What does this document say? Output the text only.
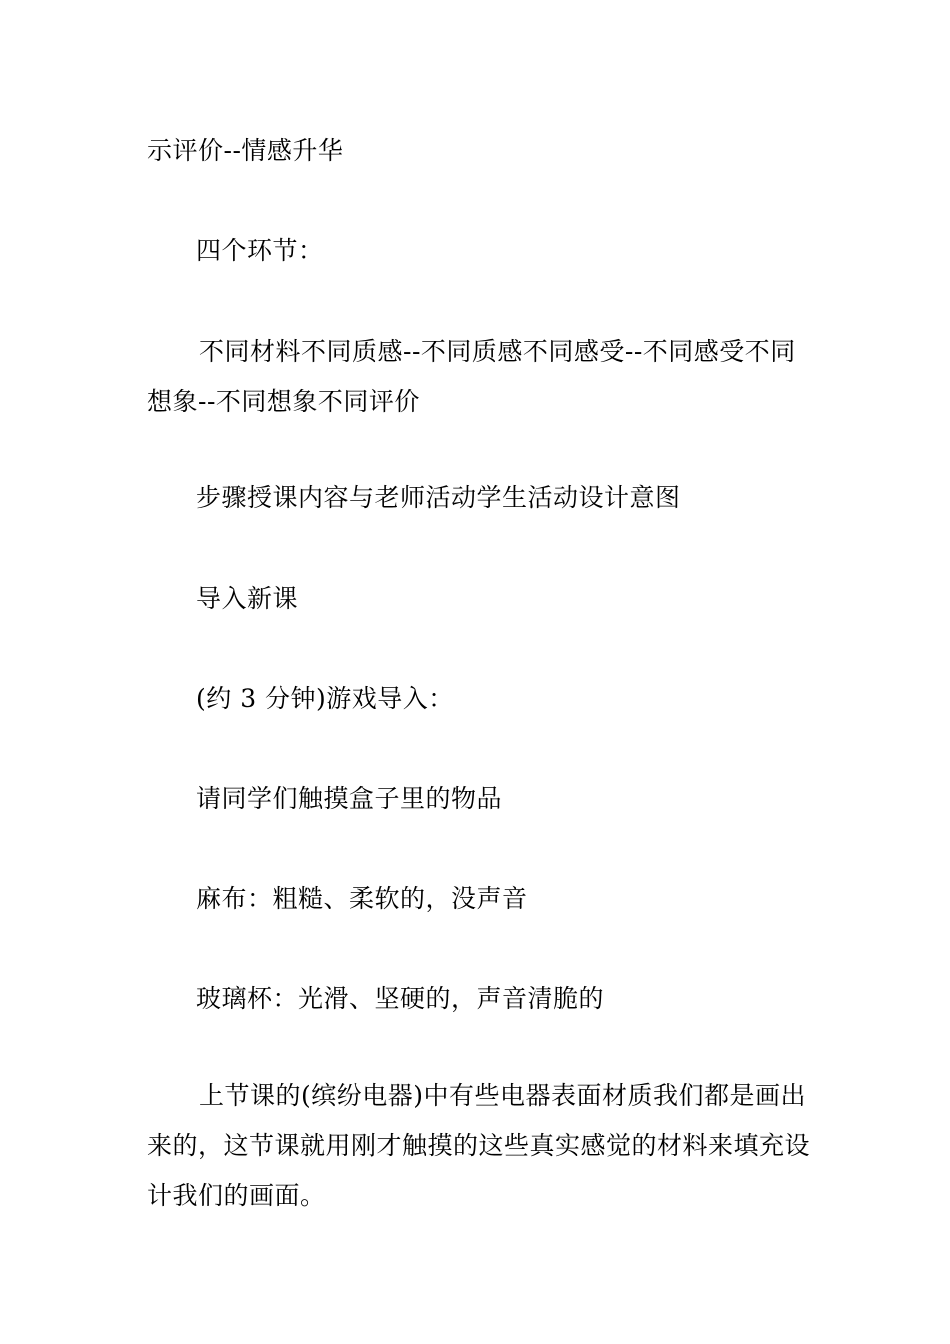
示评价--情感升华
四个环节：
不同材料不同质感--不同质感不同感受--不同感受不同想象--不同想象不同评价
步骤授课内容与老师活动学生活动设计意图
导入新课
(约 3 分钟)游戏导入：
请同学们触摸盒子里的物品
麻布：粗糙、柔软的，没声音
玻璃杯：光滑、坚硬的，声音清脆的
上节课的(缤纷电器)中有些电器表面材质我们都是画出来的，这节课就用刚才触摸的这些真实感觉的材料来填充设计我们的画面。
